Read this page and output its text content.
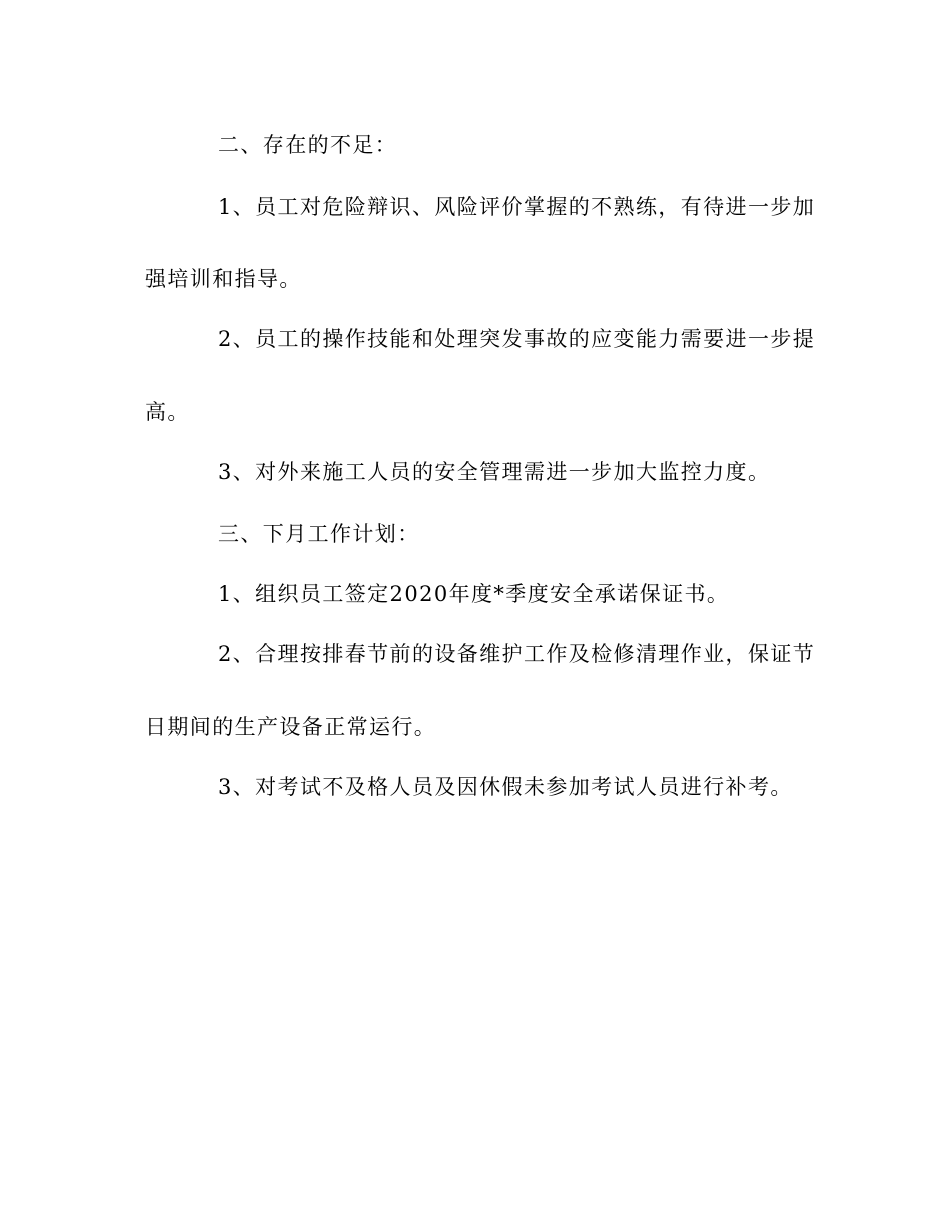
二、存在的不足：
1、员工对危险辩识、风险评价掌握的不熟练，有待进一步加
强培训和指导。
2、员工的操作技能和处理突发事故的应变能力需要进一步提
高。
3、对外来施工人员的安全管理需进一步加大监控力度。
三、下月工作计划：
1、组织员工签定2020年度*季度安全承诺保证书。
2、合理按排春节前的设备维护工作及检修清理作业，保证节
日期间的生产设备正常运行。
3、对考试不及格人员及因休假未参加考试人员进行补考。
